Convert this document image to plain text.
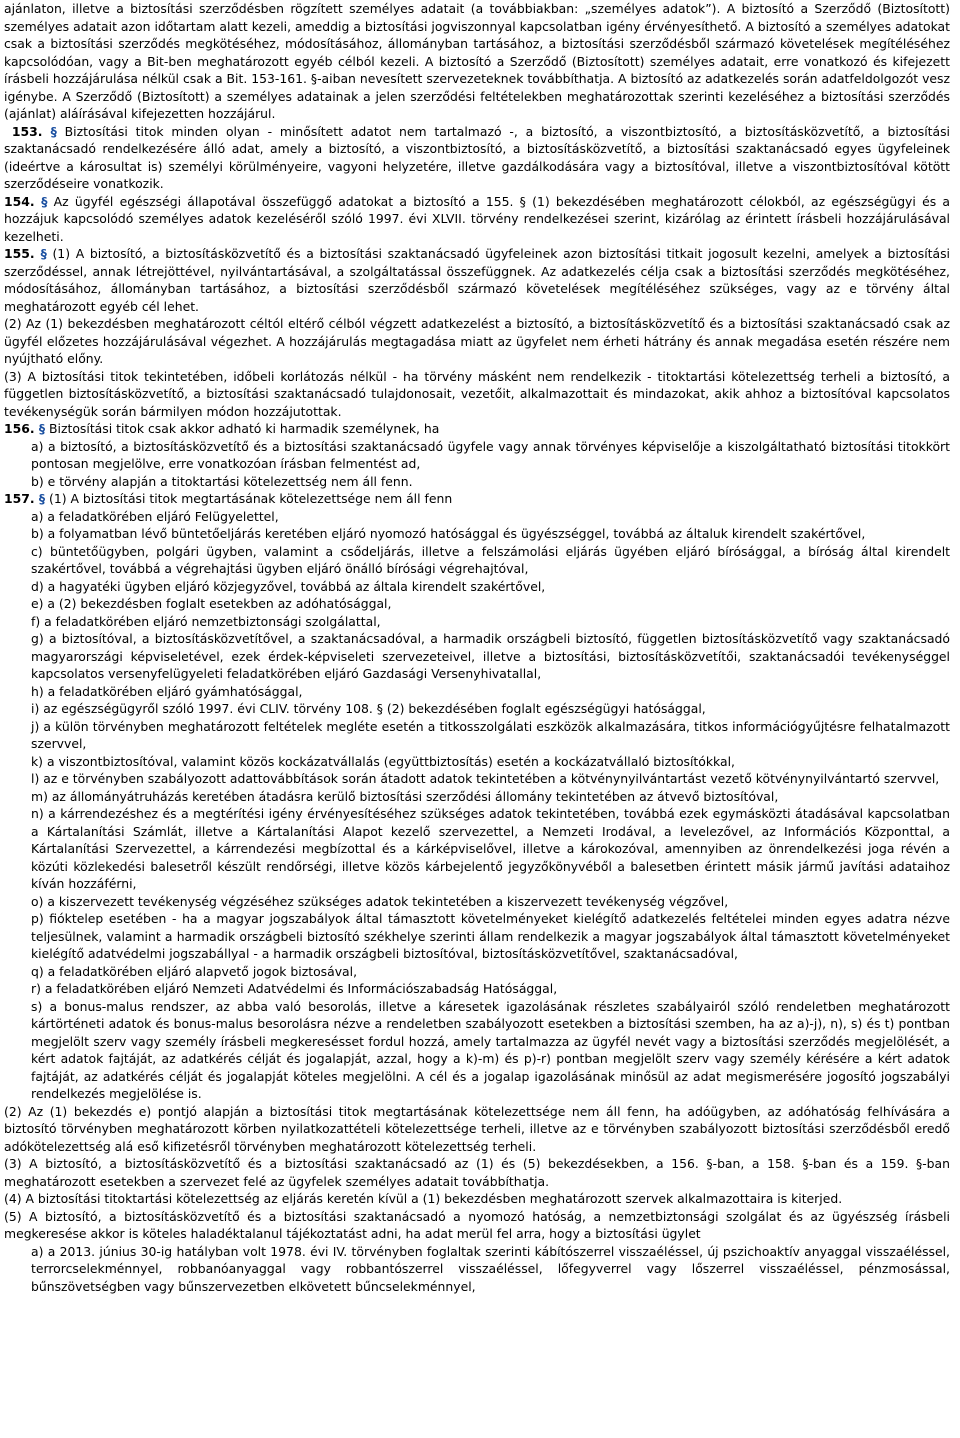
ajánlaton, illetve a biztosítási szerződésben rögzített személyes adatait (a továbbiakban: „személyes adatok”). A biztosító a Szerződő (Biztosított) személyes adatait azon időtartam alatt kezeli, ameddig a biztosítási jogviszonnyal kapcsolatban igény érvényesíthető. A biztosító a személyes adatokat csak a biztosítási szerződés megkötéséhez, módosításához, állományban tartásához, a biztosítási szerződésből származó követelések megítéléséhez kapcsolódóan, vagy a Bit-ben meghatározott egyéb célból kezeli. A biztosító a Szerződő (Biztosított) személyes adatait, erre vonatkozó és kifejezett írásbeli hozzájárulása nélkül csak a Bit. 153-161. §-aiban nevesített szervezeteknek továbbíthatja. A biztosító az adatkezelés során adatfeldolgozót vesz igénybe. A Szerződő (Biztosított) a személyes adatainak a jelen szerződési feltételekben meghatározottak szerinti kezeléséhez a biztosítási szerződés (ajánlat) aláírásával kifejezetten hozzájárul.
153. § Biztosítási titok minden olyan - minősített adatot nem tartalmazó -, a biztosító, a viszontbiztosító, a biztosításközvetítő, a biztosítási szaktanácsadó rendelkezésére álló adat, amely a biztosító, a viszontbiztosító, a biztosításközvetítő, a biztosítási szaktanácsadó egyes ügyfeleinek (ideértve a károsultat is) személyi körülményeire, vagyoni helyzetére, illetve gazdálkodására vagy a biztosítóval, illetve a viszontbiztosítóval kötött szerződéseire vonatkozik.
154. § Az ügyfél egészségi állapotával összefüggő adatokat a biztosító a 155. § (1) bekezdésében meghatározott célokból, az egészségügyi és a hozzájuk kapcsolódó személyes adatok kezeléséről szóló 1997. évi XLVII. törvény rendelkezései szerint, kizárólag az érintett írásbeli hozzájárulásával kezelheti.
155. § (1) A biztosító, a biztosításközvetítő és a biztosítási szaktanácsadó ügyfeleinek azon biztosítási titkait jogosult kezelni, amelyek a biztosítási szerződéssel, annak létrejöttével, nyilvántartásával, a szolgáltatással összefüggnek. Az adatkezelés célja csak a biztosítási szerződés megkötéséhez, módosításához, állományban tartásához, a biztosítási szerződésből származó követelések megítéléséhez szükséges, vagy az e törvény által meghatározott egyéb cél lehet.
(2) Az (1) bekezdésben meghatározott céltól eltérő célból végzett adatkezelést a biztosító, a biztosításközvetítő és a biztosítási szaktanácsadó csak az ügyfél előzetes hozzájárulásával végezhet. A hozzájárulás megtagadása miatt az ügyfelet nem érheti hátrány és annak megadása esetén részére nem nyújtható előny.
(3) A biztosítási titok tekintetében, időbeli korlátozás nélkül - ha törvény másként nem rendelkezik - titoktartási kötelezettség terheli a biztosító, a független biztosításközvetítő, a biztosítási szaktanácsadó tulajdonosait, vezetőit, alkalmazottait és mindazokat, akik ahhoz a biztosítóval kapcsolatos tevékenységük során bármilyen módon hozzájutottak.
156. § Biztosítási titok csak akkor adható ki harmadik személynek, ha
a) a biztosító, a biztosításközvetítő és a biztosítási szaktanácsadó ügyfele vagy annak törvényes képviselője a kiszolgáltatható biztosítási titokkört pontosan megjelölve, erre vonatkozóan írásban felmentést ad,
b) e törvény alapján a titoktartási kötelezettség nem áll fenn.
157. § (1) A biztosítási titok megtartásának kötelezettsége nem áll fenn
a) a feladatkörében eljáró Felügyelettel,
b) a folyamatban lévő büntetőeljárás keretében eljáró nyomozó hatósággal és ügyészséggel, továbbá az általuk kirendelt szakértővel,
c) büntetőügyben, polgári ügyben, valamint a csődeljárás, illetve a felszámolási eljárás ügyében eljáró bírósággal, a bíróság által kirendelt szakértővel, továbbá a végrehajtási ügyben eljáró önálló bírósági végrehajtóval,
d) a hagyatéki ügyben eljáró közjegyzővel, továbbá az általa kirendelt szakértővel,
e) a (2) bekezdésben foglalt esetekben az adóhatósággal,
f) a feladatkörében eljáró nemzetbiztonsági szolgálattal,
g) a biztosítóval, a biztosításközvetítővel, a szaktanácsadóval, a harmadik országbeli biztosító, független biztosításközvetítő vagy szaktanácsadó magyarországi képviseletével, ezek érdek-képviseleti szervezeteivel, illetve a biztosítási, biztosításközvetítői, szaktanácsadói tevékenységgel kapcsolatos versenyfelügyeleti feladatkörében eljáró Gazdasági Versenyhivatallal,
h) a feladatkörében eljáró gyámhatósággal,
i) az egészségügyről szóló 1997. évi CLIV. törvény 108. § (2) bekezdésében foglalt egészségügyi hatósággal,
j) a külön törvényben meghatározott feltételek megléte esetén a titkosszolgálati eszközök alkalmazására, titkos információgyűjtésre felhatalmazott szervvel,
k) a viszontbiztosítóval, valamint közös kockázatvállalás (együttbiztosítás) esetén a kockázatvállaló biztosítókkal,
l) az e törvényben szabályozott adattovábbítások során átadott adatok tekintetében a kötvénynyilvántartást vezető kötvénynyilvántartó szervvel,
m) az állományátruházás keretében átadásra kerülő biztosítási szerződési állomány tekintetében az átvevő biztosítóval,
n) a kárrendezéshez és a megtérítési igény érvényesítéséhez szükséges adatok tekintetében, továbbá ezek egymásközti átadásával kapcsolatban a Kártalanítási Számlát, illetve a Kártalanítási Alapot kezelő szervezettel, a Nemzeti Irodával, a levelezővel, az Információs Központtal, a Kártalanítási Szervezettel, a kárrendezési megbízottal és a kárképviselővel, illetve a károkozóval, amennyiben az önrendelkezési joga révén a közúti közlekedési balesetről készült rendőrségi, illetve közös kárbejelentő jegyzőkönyvéből a balesetben érintett másik jármű javítási adataihoz kíván hozzáférni,
o) a kiszervezett tevékenység végzéséhez szükséges adatok tekintetében a kiszervezett tevékenység végzővel,
p) fióktelep esetében - ha a magyar jogszabályok által támasztott követelményeket kielégítő adatkezelés feltételei minden egyes adatra nézve teljesülnek, valamint a harmadik országbeli biztosító székhelye szerinti állam rendelkezik a magyar jogszabályok által támasztott követelményeket kielégítő adatvédelmi jogszabállyal - a harmadik országbeli biztosítóval, biztosításközvetítővel, szaktanácsadóval,
q) a feladatkörében eljáró alapvető jogok biztosával,
r) a feladatkörében eljáró Nemzeti Adatvédelmi és Információszabadság Hatósággal,
s) a bonus-malus rendszer, az abba való besorolás, illetve a káresetek igazolásának részletes szabályairól szóló rendeletben meghatározott kártörténeti adatok és bonus-malus besorolásra nézve a rendeletben szabályozott esetekben a biztosítási szemben, ha az a)-j), n), s) és t) pontban megjelölt szerv vagy személy írásbeli megkeresésset fordul hozzá, amely tartalmazza az ügyfél nevét vagy a biztosítási szerződés megjelölését, a kért adatok fajtáját, az adatkérés célját és jogalapját, azzal, hogy a k)-m) és p)-r) pontban megjelölt szerv vagy személy kérésére a kért adatok fajtáját, az adatkérés célját és jogalapját köteles megjelölni. A cél és a jogalap igazolásának minősül az adat megismerésére jogosító jogszabályi rendelkezés megjelölése is.
(2) Az (1) bekezdés e) pontjó alapján a biztosítási titok megtartásának kötelezettsége nem áll fenn, ha adóügyben, az adóhatóság felhívására a biztosító törvényben meghatározott körben nyilatkozattételi kötelezettsége terheli, illetve az e törvényben szabályozott biztosítási szerződésből eredő adókötelezettség alá eső kifizetésről törvényben meghatározott kötelezettség terheli.
(3) A biztosító, a biztosításközvetítő és a biztosítási szaktanácsadó az (1) és (5) bekezdésekben, a 156. §-ban, a 158. §-ban és a 159. §-ban meghatározott esetekben a szervezet felé az ügyfelek személyes adatait továbbíthatja.
(4) A biztosítási titoktartási kötelezettség az eljárás keretén kívül a (1) bekezdésben meghatározott szervek alkalmazottaira is kiterjed.
(5) A biztosító, a biztosításközvetítő és a biztosítási szaktanácsadó a nyomozó hatóság, a nemzetbiztonsági szolgálat és az ügyészség írásbeli megkeresése akkor is köteles haladéktalanul tájékoztatást adni, ha adat merül fel arra, hogy a biztosítási ügylet
a) a 2013. június 30-ig hatályban volt 1978. évi IV. törvényben foglaltak szerinti kábítószerrel visszaéléssel, új pszichoaktív anyaggal visszaéléssel, terrorcselekménnyel, robbanóanyaggal vagy robbantószerrel visszaéléssel, lőfegyverrel vagy lőszerrel visszaéléssel, pénzmosással, bűnszövetségben vagy bűnszervezetben elkövetett bűncselekménnyel,
